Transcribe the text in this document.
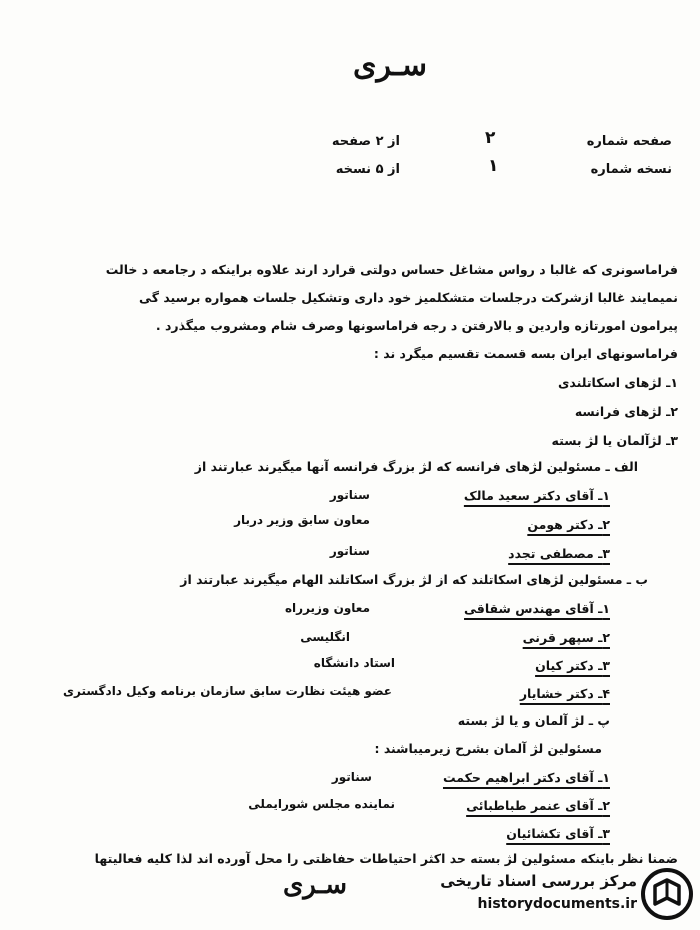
سـری
صفحه شماره
۲
از ۲ صفحه
نسخه شماره
۱
از ۵ نسخه
فراماسونری که غالبا د رواس مشاغل حساس دولتی قرارد ارند علاوه براینکه د رجامعه د خالت
نمیمایند غالبا ازشرکت درجلسات متشکلمیز خود داری وتشکیل جلسات همواره برسید گی
پیرامون امورتازه واردین و بالارفتن د رجه فراماسونها وصرف شام ومشروب میگذرد .
فراماسونهای ایران بسه قسمت تقسیم میگرد ند :
۱ـ لژهای اسکاتلندی
۲ـ لژهای فرانسه
۳ـ لژآلمان یا لژ بسته
الف ـ مسئولین لژهای فرانسه که لژ بزرگ فرانسه آنها میگیرند عبارتند از
۱ـ آقای دکتر سعید مالک
سناتور
۲ـ دکتر هومن
معاون سابق وزیر دربار
۳ـ مصطفی تجدد
سناتور
ب ـ مسئولین لژهای اسکاتلند که از لژ بزرگ اسکاتلند الهام میگیرند عبارتند از
۱ـ آقای مهندس شقاقی
معاون وزیرراه
۲ـ سپهر قرنی
انگلیسی
۳ـ دکتر کیان
استاد دانشگاه
۴ـ دکتر خشایار
عضو هیئت نظارت سابق سازمان برنامه وکیل دادگستری
پ ـ لژ آلمان و یا لژ بسته
مسئولین لژ آلمان بشرح زیرمیباشند :
۱ـ آقای دکتر ابراهیم حکمت
سناتور
۲ـ آقای عنمر طباطبائی
نماینده مجلس شورایملی
۳ـ آقای تکشائیان
ضمنا نظر باینکه مسئولین لژ بسته حد اکثر احتیاطات حفاظتی را محل آورده اند لذا کلیه فعالیتها
سـری	مرکز بررسی اسناد تاریخی
historydocuments.ir
